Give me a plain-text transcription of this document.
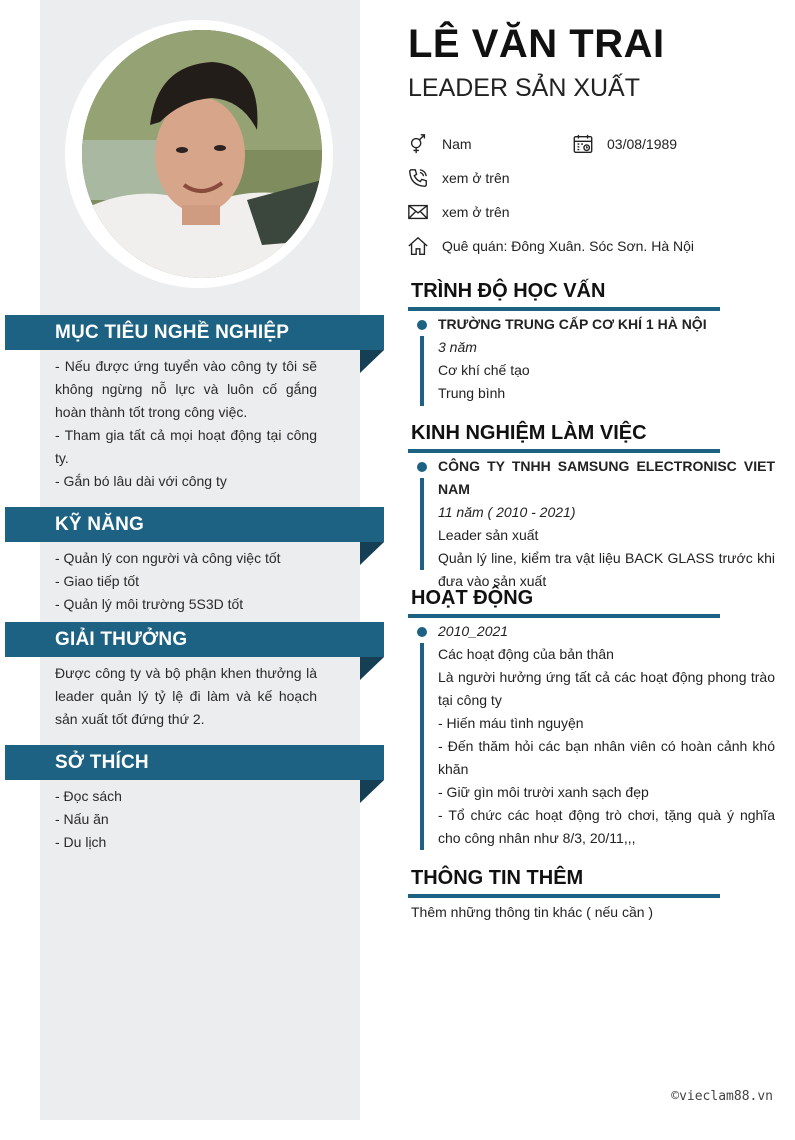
MỤC TIÊU NGHỀ NGHIỆP

- Nếu được ứng tuyển vào công ty tôi sẽ không ngừng nỗ lực và luôn cố gắng hoàn thành tốt trong công việc.

- Tham gia tất cả mọi hoạt động tại công ty.

- Gắn bó lâu dài với công ty

KỸ NĂNG

- Quản lý con người và công việc tốt

- Giao tiếp tốt

- Quản lý môi trường 5S3D tốt

GIẢI THƯỞNG

Được công ty và bộ phận khen thưởng là leader quản lý tỷ lệ đi làm và kế hoạch sản xuất tốt đứng thứ 2.

SỞ THÍCH

- Đọc sách

- Nấu ăn

- Du lịch

LÊ VĂN TRAI
LEADER SẢN XUẤT
Nam	03/08/1989
xem ở trên
xem ở trên
Quê quán: Đông Xuân. Sóc Sơn. Hà Nội
TRÌNH ĐỘ HỌC VẤN

TRƯỜNG TRUNG CẤP CƠ KHÍ 1 HÀ NỘI

3 năm

Cơ khí chế tạo

Trung bình

KINH NGHIỆM LÀM VIỆC

CÔNG TY TNHH SAMSUNG ELECTRONISC VIET NAM

11 năm ( 2010 - 2021)

Leader sản xuất

Quản lý line, kiểm tra vật liệu BACK GLASS trước khi đưa vào sản xuất

HOẠT ĐỘNG

2010_2021

Các hoạt động của bản thân

Là người hưởng ứng tất cả các hoạt động phong trào tại công ty

- Hiến máu tình nguyện

- Đến thăm hỏi các bạn nhân viên có hoàn cảnh khó khăn

- Giữ gìn môi trười xanh sạch đẹp

- Tổ chức các hoạt động trò chơi, tặng quà ý nghĩa cho công nhân như 8/3, 20/11,,,

THÔNG TIN THÊM
Thêm những thông tin khác ( nếu cần )
©vieclam88.vn
